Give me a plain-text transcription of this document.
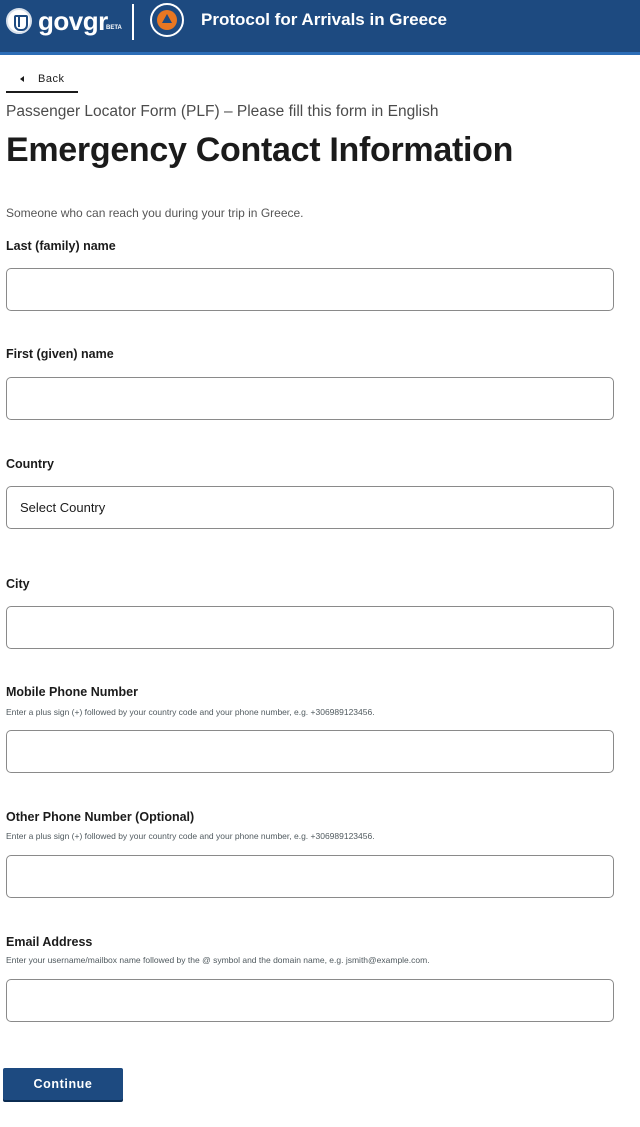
govgr
BETA	Protocol for Arrivals in Greece
Back
Passenger Locator Form (PLF) – Please fill this form in English
Emergency Contact Information
Someone who can reach you during your trip in Greece.
Last (family) name
First (given) name
Country
Select Country
City
Mobile Phone Number
Enter a plus sign (+) followed by your country code and your phone number, e.g. +306989123456.
Other Phone Number (Optional)
Enter a plus sign (+) followed by your country code and your phone number, e.g. +306989123456.
Email Address
Enter your username/mailbox name followed by the @ symbol and the domain name, e.g. jsmith@example.com.
Continue
